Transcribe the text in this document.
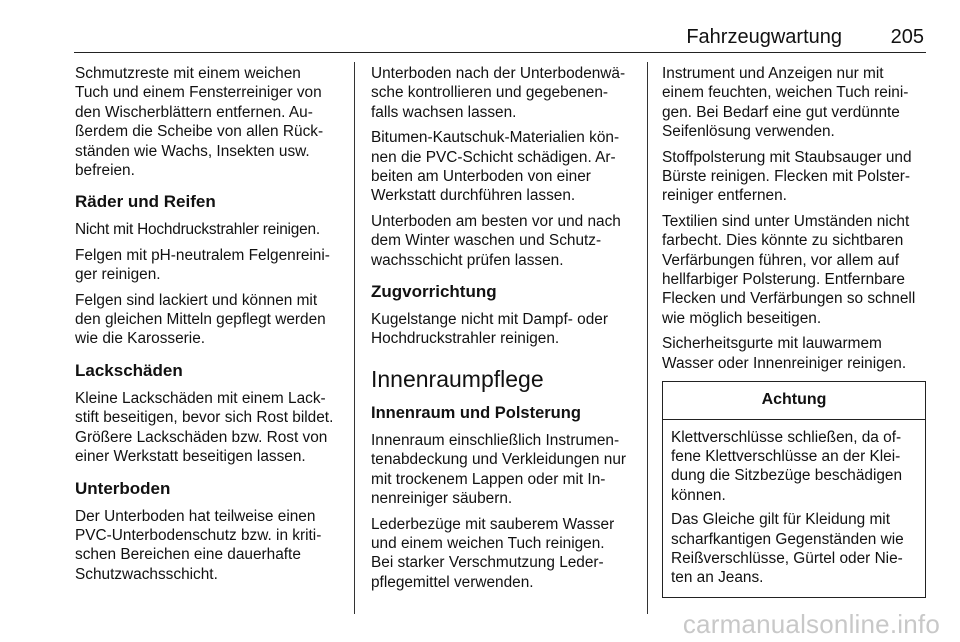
Fahrzeugwartung 205

Schmutzreste mit einem weichen
Tuch und einem Fensterreiniger von
den Wischerblättern entfernen. Au-
ßerdem die Scheibe von allen Rück-
ständen wie Wachs, Insekten usw.
befreien.

Räder und Reifen

Nicht mit Hochdruckstrahler reinigen.

Felgen mit pH-neutralem Felgenreini-
ger reinigen.

Felgen sind lackiert und können mit
den gleichen Mitteln gepflegt werden
wie die Karosserie.

Lackschäden

Kleine Lackschäden mit einem Lack-
stift beseitigen, bevor sich Rost bildet.
Größere Lackschäden bzw. Rost von
einer Werkstatt beseitigen lassen.

Unterboden

Der Unterboden hat teilweise einen
PVC-Unterbodenschutz bzw. in kriti-
schen Bereichen eine dauerhafte
Schutzwachsschicht.

Unterboden nach der Unterbodenwä-
sche kontrollieren und gegebenen-
falls wachsen lassen.

Bitumen-Kautschuk-Materialien kön-
nen die PVC-Schicht schädigen. Ar-
beiten am Unterboden von einer
Werkstatt durchführen lassen.

Unterboden am besten vor und nach
dem Winter waschen und Schutz-
wachsschicht prüfen lassen.

Zugvorrichtung

Kugelstange nicht mit Dampf- oder
Hochdruckstrahler reinigen.

Innenraumpflege
Innenraum und Polsterung

Innenraum einschließlich Instrumen-
tenabdeckung und Verkleidungen nur
mit trockenem Lappen oder mit In-
nenreiniger säubern.

Lederbezüge mit sauberem Wasser
und einem weichen Tuch reinigen.
Bei starker Verschmutzung Leder-
pflegemittel verwenden.

Instrument und Anzeigen nur mit
einem feuchten, weichen Tuch reini-
gen. Bei Bedarf eine gut verdünnte
Seifenlösung verwenden.

Stoffpolsterung mit Staubsauger und
Bürste reinigen. Flecken mit Polster-
reiniger entfernen.

Textilien sind unter Umständen nicht
farbecht. Dies könnte zu sichtbaren
Verfärbungen führen, vor allem auf
hellfarbiger Polsterung. Entfernbare
Flecken und Verfärbungen so schnell
wie möglich beseitigen.

Sicherheitsgurte mit lauwarmem
Wasser oder Innenreiniger reinigen.

Achtung

Klettverschlüsse schließen, da of-
fene Klettverschlüsse an der Klei-
dung die Sitzbezüge beschädigen
können.

Das Gleiche gilt für Kleidung mit
scharfkantigen Gegenständen wie
Reißverschlüsse, Gürtel oder Nie-
ten an Jeans.

carmanualsonline.info
